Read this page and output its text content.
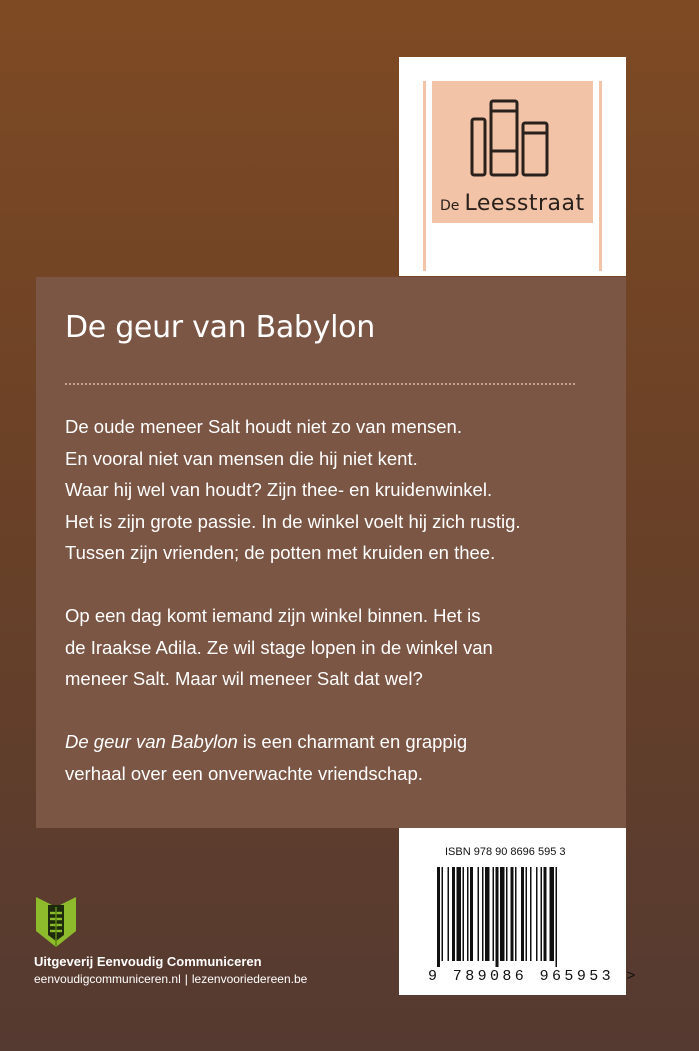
De Leesstraat
De geur van Babylon

De oude meneer Salt houdt niet zo van mensen.
En vooral niet van mensen die hij niet kent.
Waar hij wel van houdt? Zijn thee- en kruidenwinkel.
Het is zijn grote passie. In de winkel voelt hij zich rustig.
Tussen zijn vrienden; de potten met kruiden en thee.

Op een dag komt iemand zijn winkel binnen. Het is
de Iraakse Adila. Ze wil stage lopen in de winkel van
meneer Salt. Maar wil meneer Salt dat wel?

De geur van Babylon is een charmant en grappig
verhaal over een onverwachte vriendschap.

ISBN 978 90 8696 595 3
9 789086 965953 >

Uitgeverij Eenvoudig Communiceren

eenvoudigcommuniceren.nl | lezenvooriedereen.be
